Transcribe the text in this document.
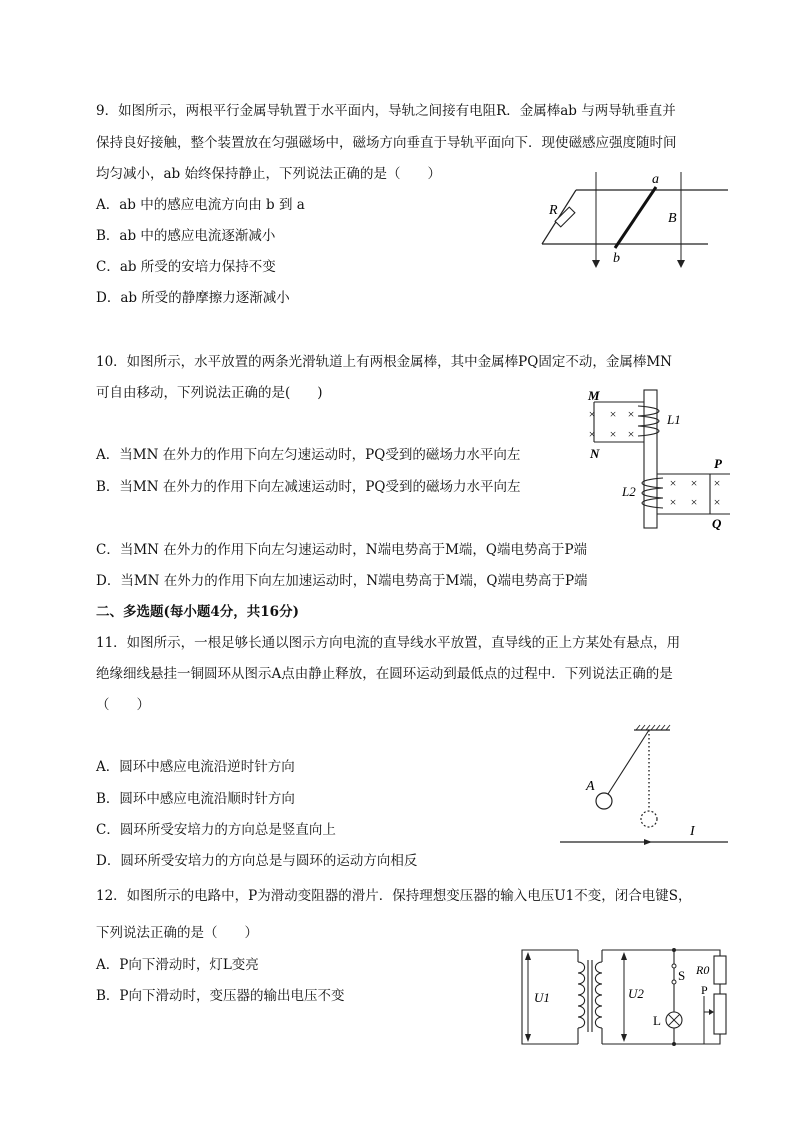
9．如图所示，两根平行金属导轨置于水平面内，导轨之间接有电阻R．金属棒ab 与两导轨垂直并
保持良好接触，整个装置放在匀强磁场中，磁场方向垂直于导轨平面向下．现使磁感应强度随时间
均匀减小，ab 始终保持静止，下列说法正确的是（　　）
A．ab 中的感应电流方向由 b 到 a
B．ab 中的感应电流逐渐减小
C．ab 所受的安培力保持不变
D．ab 所受的静摩擦力逐渐减小
R
a
b
B
10．如图所示，水平放置的两条光滑轨道上有两根金属棒，其中金属棒PQ固定不动，金属棒MN
可自由移动，下列说法正确的是(　　)
A．当MN 在外力的作用下向左匀速运动时，PQ受到的磁场力水平向左
B．当MN 在外力的作用下向左减速运动时，PQ受到的磁场力水平向左
C．当MN 在外力的作用下向左匀速运动时，N端电势高于M端，Q端电势高于P端
D．当MN 在外力的作用下向左加速运动时，N端电势高于M端，Q端电势高于P端
× × ×
× × ×
× × ×
× × ×
M
N
L1
L2
P
Q
二、多选题(每小题4分，共16分)
11．如图所示，一根足够长通以图示方向电流的直导线水平放置，直导线的正上方某处有悬点，用
绝缘细线悬挂一铜圆环从图示A点由静止释放，在圆环运动到最低点的过程中．下列说法正确的是
（　　）
A．圆环中感应电流沿逆时针方向
B．圆环中感应电流沿顺时针方向
C．圆环所受安培力的方向总是竖直向上
D．圆环所受安培力的方向总是与圆环的运动方向相反
A
I
12．如图所示的电路中，P为滑动变阻器的滑片．保持理想变压器的输入电压U1不变，闭合电键S，
下列说法正确的是（　　）
A．P向下滑动时，灯L变亮
B．P向下滑动时，变压器的输出电压不变	U1	U2
S
L
R0
P
